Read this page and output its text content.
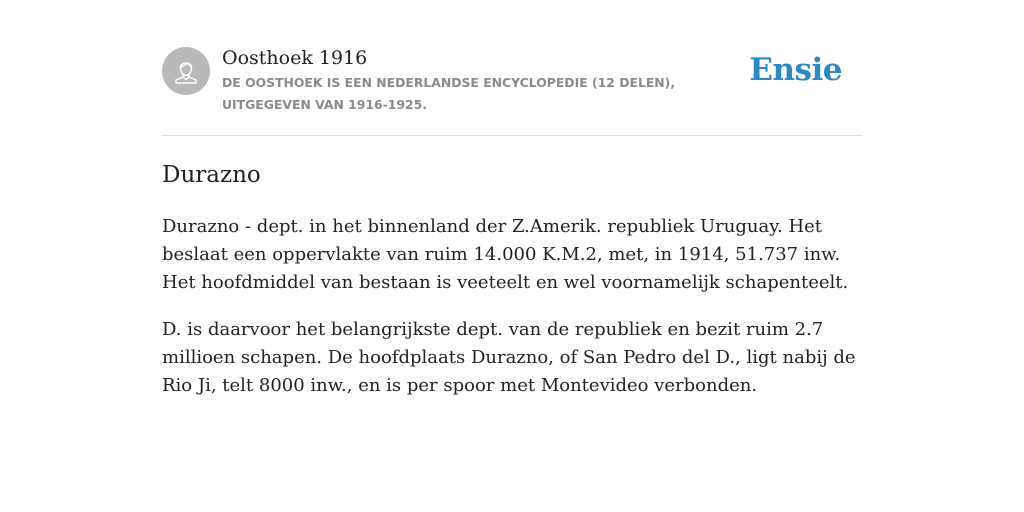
Oosthoek 1916
DE OOSTHOEK IS EEN NEDERLANDSE ENCYCLOPEDIE (12 DELEN), UITGEGEVEN VAN 1916-1925.
Ensie
Durazno

Durazno - dept. in het binnenland der Z.Amerik. republiek Uruguay. Het beslaat een oppervlakte van ruim 14.000 K.M.2, met, in 1914, 51.737 inw. Het hoofdmiddel van bestaan is veeteelt en wel voornamelijk schapenteelt.

D. is daarvoor het belangrijkste dept. van de republiek en bezit ruim 2.7 millioen schapen. De hoofdplaats Durazno, of San Pedro del D., ligt nabij de Rio Ji, telt 8000 inw., en is per spoor met Montevideo verbonden.
